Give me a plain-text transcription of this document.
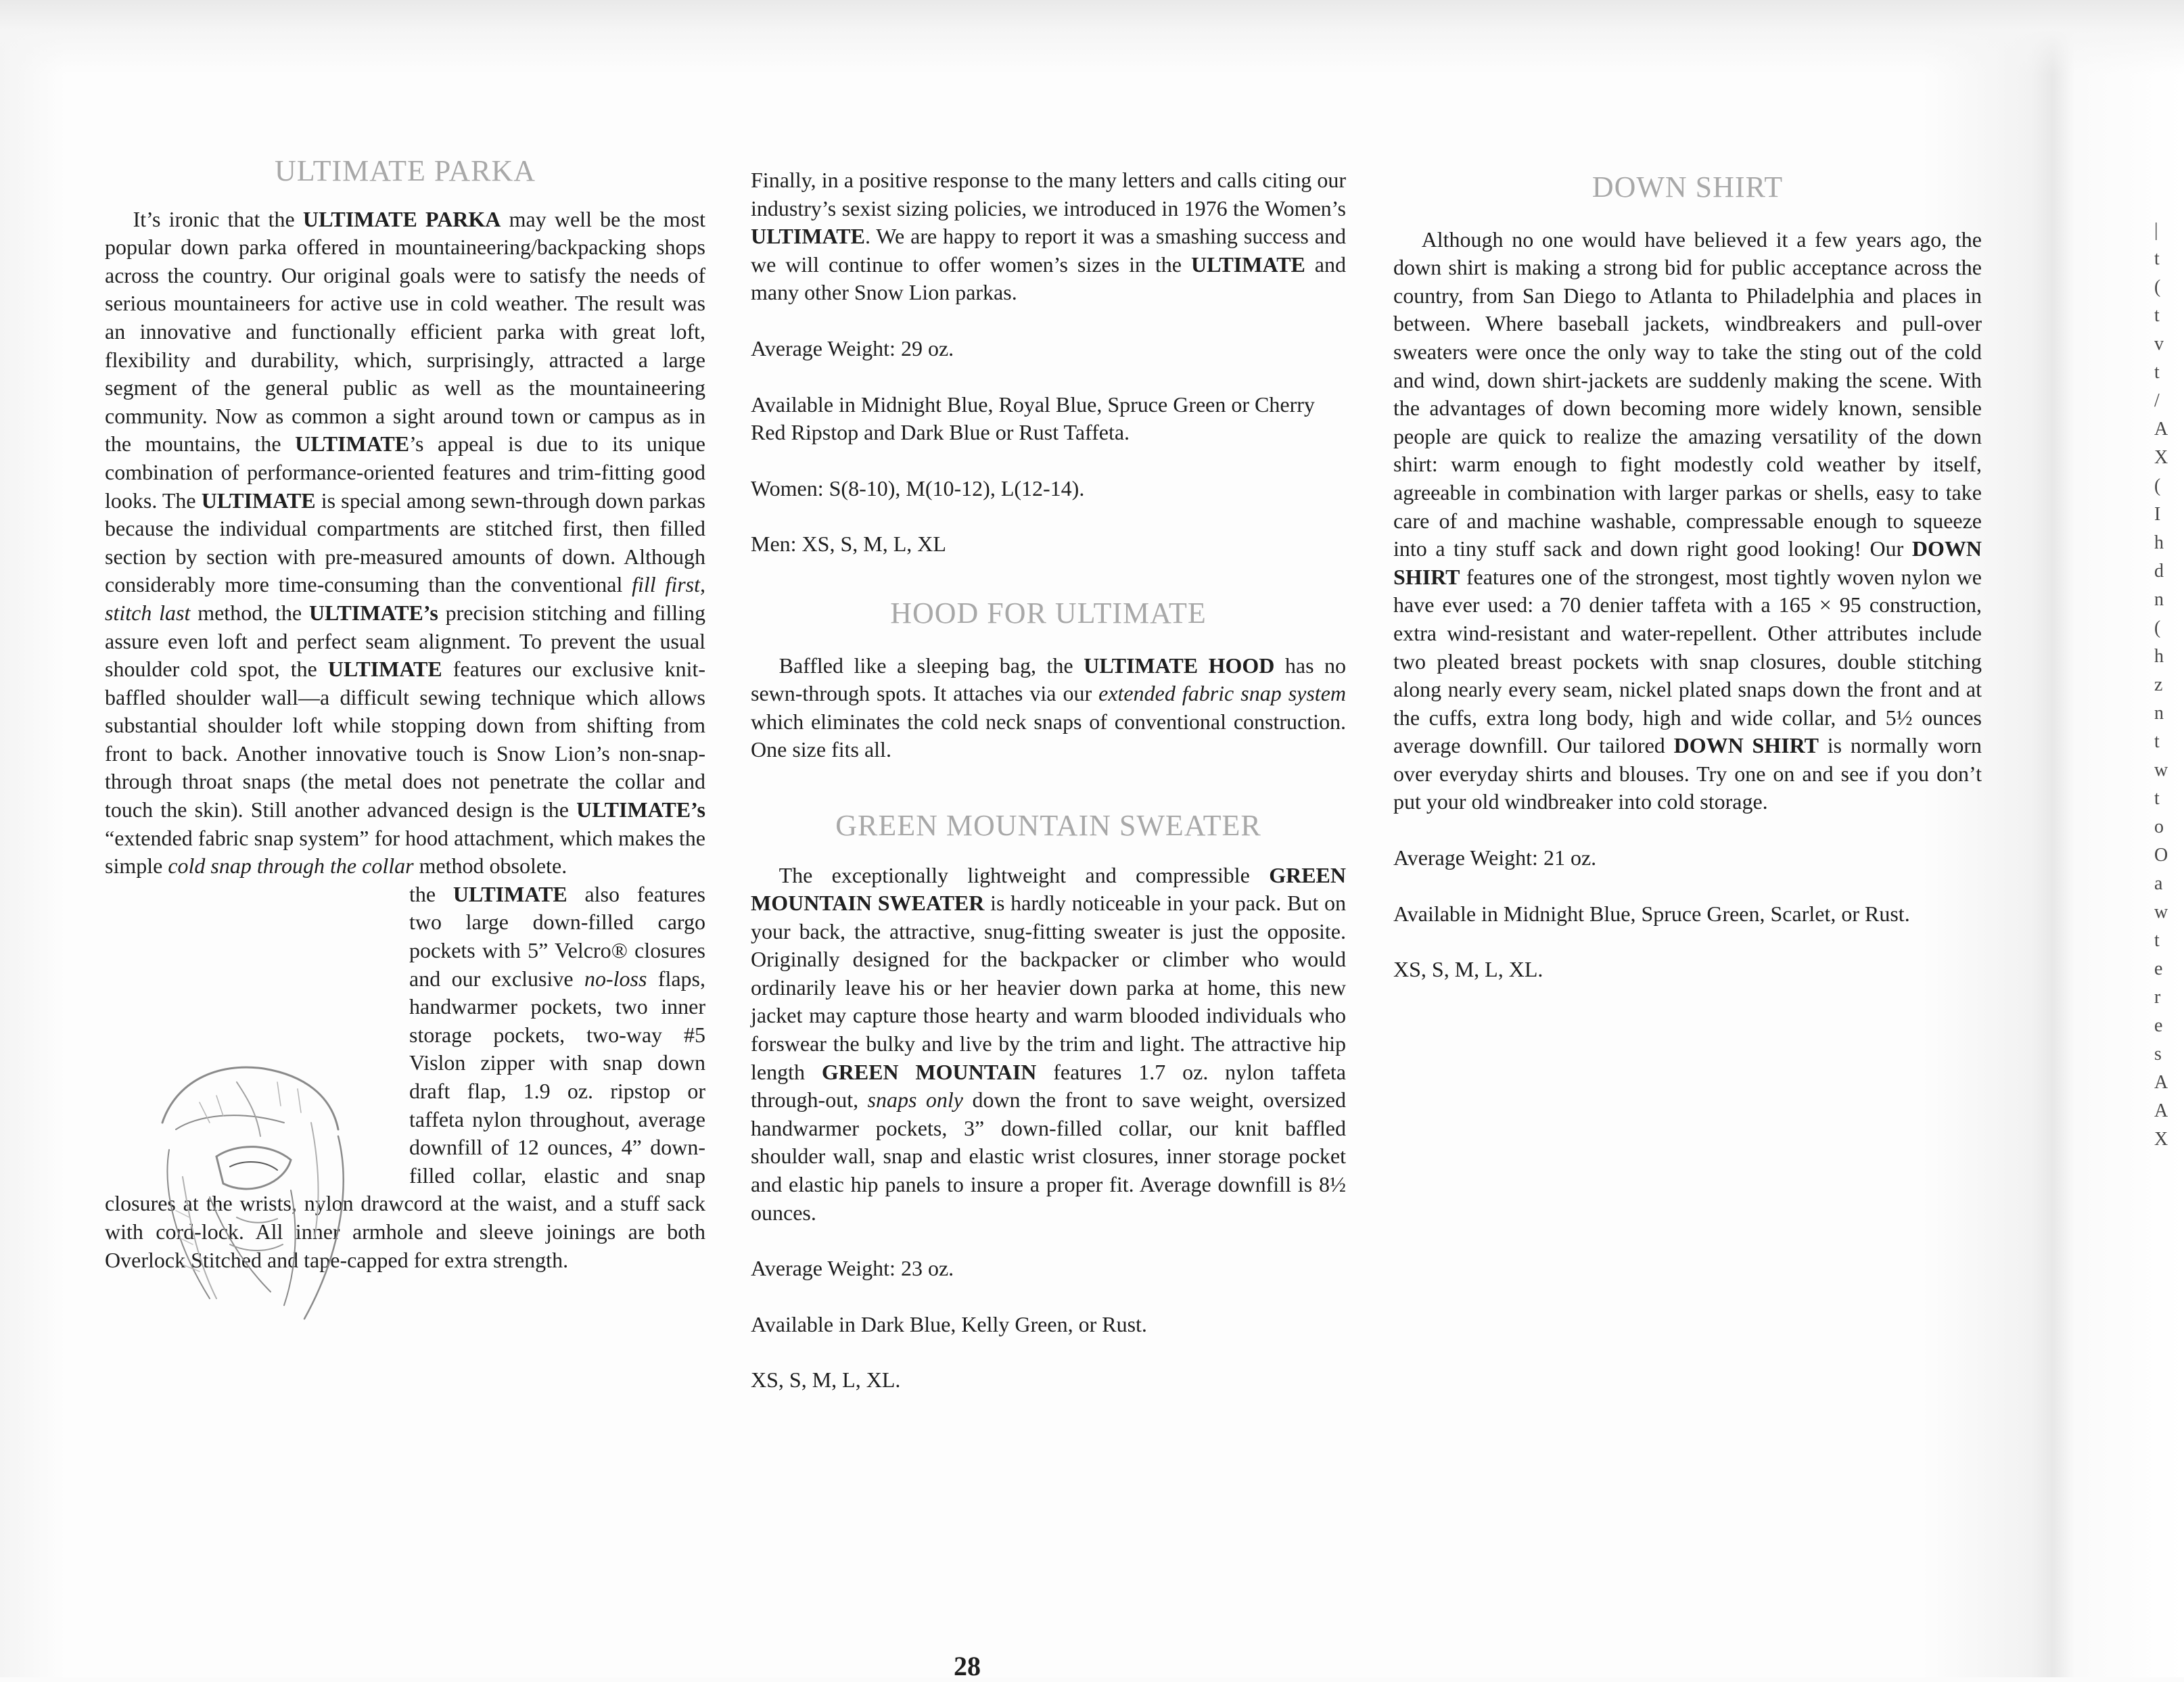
ULTIMATE PARKA

It’s ironic that the ULTIMATE PARKA may well be the most popular down parka offered in mountaineering/backpacking shops across the country. Our original goals were to satisfy the needs of serious mountaineers for active use in cold weather. The result was an innovative and functionally efficient parka with great loft, flexibility and durability, which, surprisingly, attracted a large segment of the general public as well as the mountaineering community. Now as common a sight around town or campus as in the mountains, the ULTIMATE’s appeal is due to its unique combination of performance-oriented features and trim-fitting good looks. The ULTIMATE is special among sewn-through down parkas because the individual compartments are stitched first, then filled section by section with pre-measured amounts of down. Although considerably more time-consuming than the conventional fill first, stitch last method, the ULTIMATE’s precision stitching and filling assure even loft and perfect seam alignment. To prevent the usual shoulder cold spot, the ULTIMATE features our exclusive knit-baffled shoulder wall—a difficult sewing technique which allows substantial shoulder loft while stopping down from shifting from front to back. Another innovative touch is Snow Lion’s non-snap-through throat snaps (the metal does not penetrate the collar and touch the skin). Still another advanced design is the ULTIMATE’s “extended fabric snap system” for hood attachment, which makes the simple cold snap through the collar method obsolete.

the ULTIMATE also features two large down-filled cargo pockets with 5” Velcro® closures and our exclusive no-loss flaps, handwarmer pockets, two inner storage pockets, two-way #5 Vislon zipper with snap down draft flap, 1.9 oz. ripstop or taffeta nylon throughout, average downfill of 12 ounces, 4” down-filled collar, elastic and snap closures at the wrists, nylon drawcord at the waist, and a stuff sack with cord-lock. All inner armhole and sleeve joinings are both Overlock Stitched and tape-capped for extra strength.

Finally, in a positive response to the many letters and calls citing our industry’s sexist sizing policies, we introduced in 1976 the Women’s ULTIMATE. We are happy to report it was a smashing success and we will continue to offer women’s sizes in the ULTIMATE and many other Snow Lion parkas.

Average Weight: 29 oz.

Available in Midnight Blue, Royal Blue, Spruce Green or Cherry Red Ripstop and Dark Blue or Rust Taffeta.

Women: S(8-10), M(10-12), L(12-14).

Men: XS, S, M, L, XL

HOOD FOR ULTIMATE

Baffled like a sleeping bag, the ULTIMATE HOOD has no sewn-through spots. It attaches via our extended fabric snap system which eliminates the cold neck snaps of conventional construction. One size fits all.

GREEN MOUNTAIN SWEATER

The exceptionally lightweight and compressible GREEN MOUNTAIN SWEATER is hardly noticeable in your pack. But on your back, the attractive, snug-fitting sweater is just the opposite. Originally designed for the backpacker or climber who would ordinarily leave his or her heavier down parka at home, this new jacket may capture those hearty and warm blooded individuals who forswear the bulky and live by the trim and light. The attractive hip length GREEN MOUNTAIN features 1.7 oz. nylon taffeta through-out, snaps only down the front to save weight, oversized handwarmer pockets, 3” down-filled collar, our knit baffled shoulder wall, snap and elastic wrist closures, inner storage pocket and elastic hip panels to insure a proper fit. Average downfill is 8½ ounces.

Average Weight: 23 oz.

Available in Dark Blue, Kelly Green, or Rust.

XS, S, M, L, XL.

DOWN SHIRT

Although no one would have believed it a few years ago, the down shirt is making a strong bid for public acceptance across the country, from San Diego to Atlanta to Philadelphia and places in between. Where baseball jackets, windbreakers and pull-over sweaters were once the only way to take the sting out of the cold and wind, down shirt-jackets are suddenly making the scene. With the advantages of down becoming more widely known, sensible people are quick to realize the amazing versatility of the down shirt: warm enough to fight modestly cold weather by itself, agreeable in combination with larger parkas or shells, easy to take care of and machine washable, compressable enough to squeeze into a tiny stuff sack and down right good looking! Our DOWN SHIRT features one of the strongest, most tightly woven nylon we have ever used: a 70 denier taffeta with a 165 × 95 construction, extra wind-resistant and water-repellent. Other attributes include two pleated breast pockets with snap closures, double stitching along nearly every seam, nickel plated snaps down the front and at the cuffs, extra long body, high and wide collar, and 5½ ounces average downfill. Our tailored DOWN SHIRT is normally worn over everyday shirts and blouses. Try one on and see if you don’t put your old windbreaker into cold storage.

Average Weight: 21 oz.

Available in Midnight Blue, Spruce Green, Scarlet, or Rust.

XS, S, M, L, XL.

28
|
t
(
t
v
t
/
A
X
(
I
h
d
n
(
h
z
n
t
w
t
o
O
a
w
t
e
r
e
s
A
A
X
